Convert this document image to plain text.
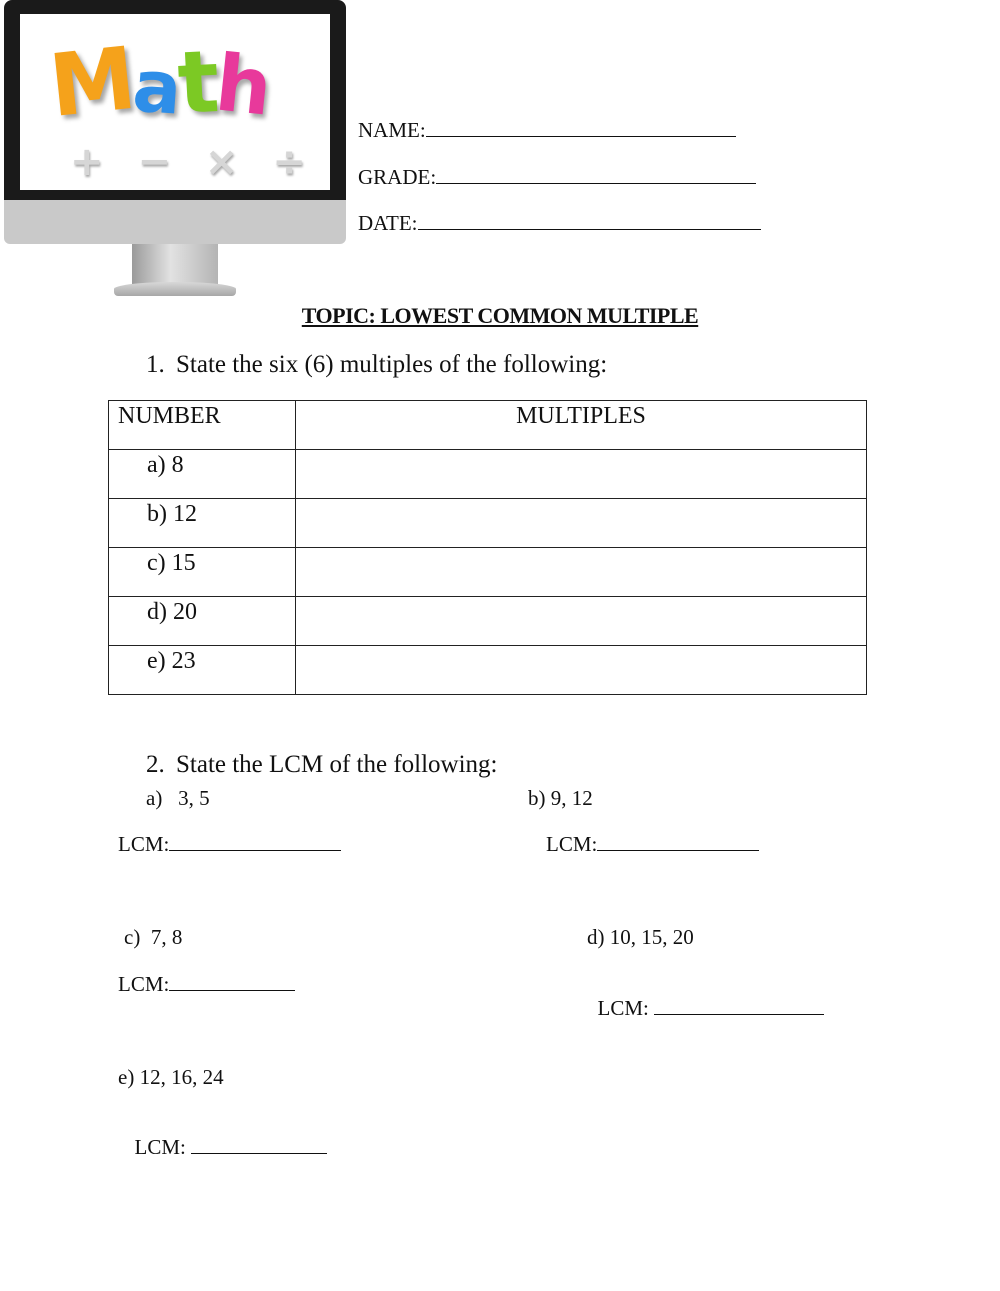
Math
+ − × ÷
NAME:
GRADE:
DATE:
TOPIC: LOWEST COMMON MULTIPLE
1. State the six (6) multiples of the following:
NUMBER	MULTIPLES
a) 8	
b) 12	
c) 15	
d) 20	
e) 23	
2. State the LCM of the following:
a)   3, 5
LCM:
b) 9, 12
LCM:
c)  7, 8
LCM:
d) 10, 15, 20

LCM:

e) 12, 16, 24

LCM:
